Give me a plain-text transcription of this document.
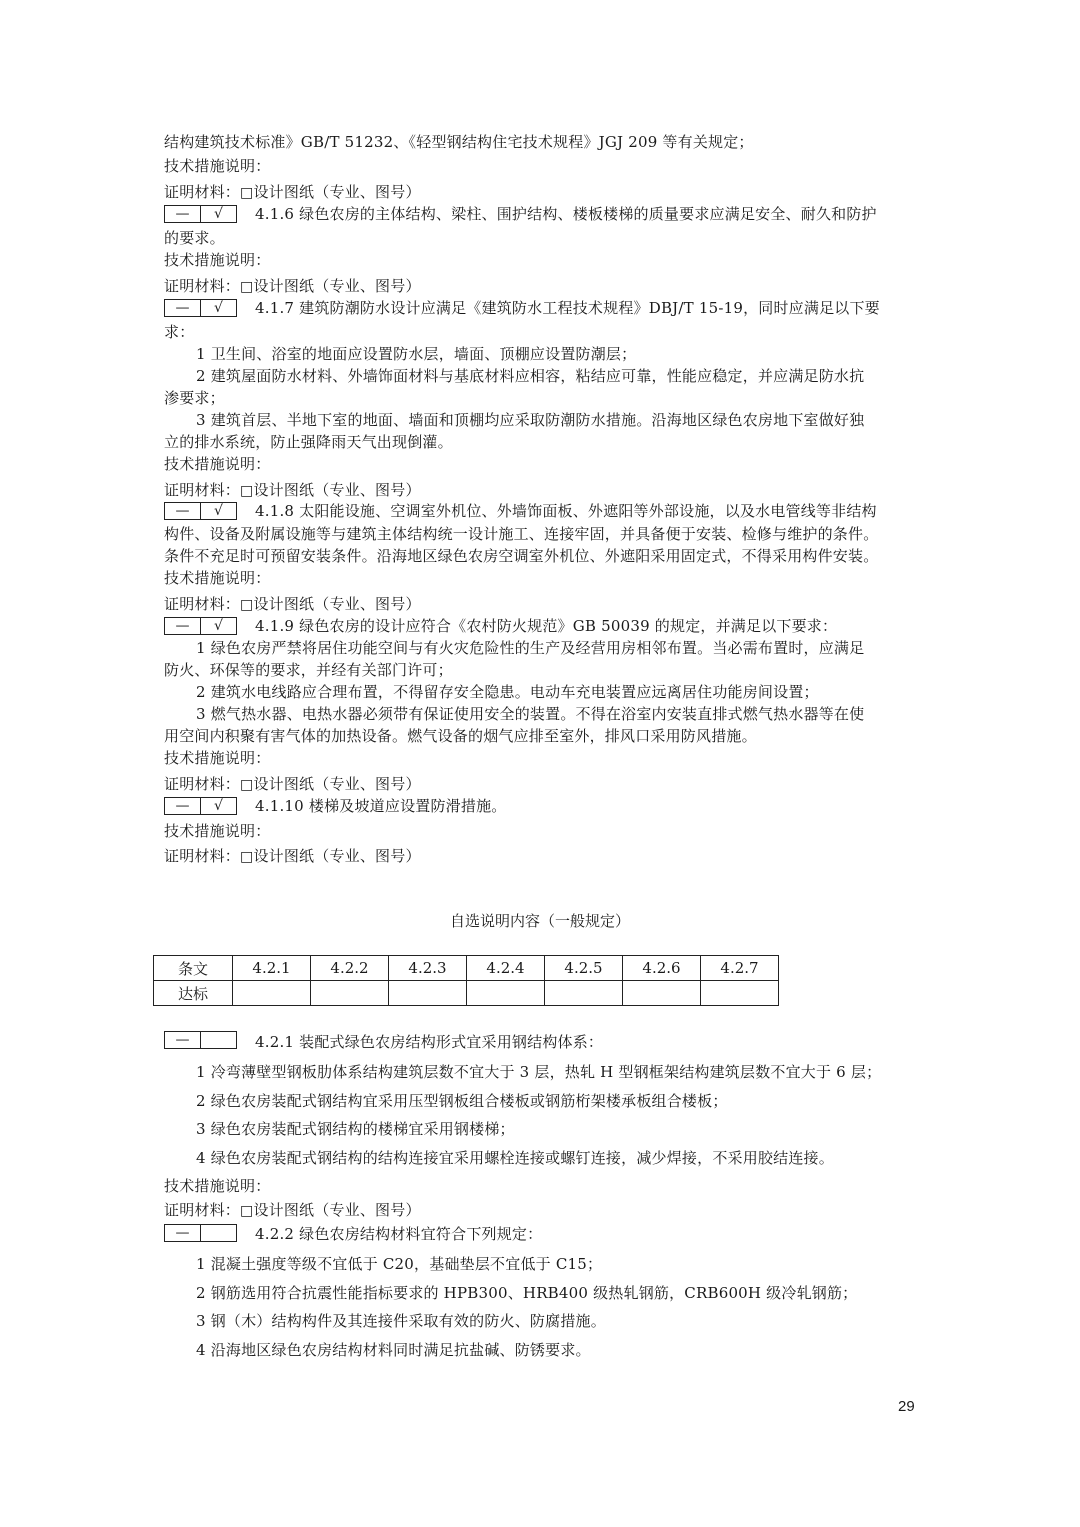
结构建筑技术标准》GB/T 51232、《轻型钢结构住宅技术规程》JGJ 209 等有关规定；
技术措施说明：
证明材料：□设计图纸（专业、图号）
—	√	4.1.6 绿色农房的主体结构、梁柱、围护结构、楼板楼梯的质量要求应满足安全、耐久和防护
的要求。
技术措施说明：
证明材料：□设计图纸（专业、图号）
—	√	4.1.7 建筑防潮防水设计应满足《建筑防水工程技术规程》DBJ/T 15-19，同时应满足以下要
求：
1 卫生间、浴室的地面应设置防水层，墙面、顶棚应设置防潮层；
2 建筑屋面防水材料、外墙饰面材料与基底材料应相容，粘结应可靠，性能应稳定，并应满足防水抗
渗要求；
3 建筑首层、半地下室的地面、墙面和顶棚均应采取防潮防水措施。沿海地区绿色农房地下室做好独
立的排水系统，防止强降雨天气出现倒灌。
技术措施说明：
证明材料：□设计图纸（专业、图号）
—	√	4.1.8 太阳能设施、空调室外机位、外墙饰面板、外遮阳等外部设施，以及水电管线等非结构
构件、设备及附属设施等与建筑主体结构统一设计施工、连接牢固，并具备便于安装、检修与维护的条件。
条件不充足时可预留安装条件。沿海地区绿色农房空调室外机位、外遮阳采用固定式，不得采用构件安装。
技术措施说明：
证明材料：□设计图纸（专业、图号）
—	√	4.1.9 绿色农房的设计应符合《农村防火规范》GB 50039 的规定，并满足以下要求：
1 绿色农房严禁将居住功能空间与有火灾危险性的生产及经营用房相邻布置。当必需布置时，应满足
防火、环保等的要求，并经有关部门许可；
2 建筑水电线路应合理布置，不得留存安全隐患。电动车充电装置应远离居住功能房间设置；
3 燃气热水器、电热水器必须带有保证使用安全的装置。不得在浴室内安装直排式燃气热水器等在使
用空间内积聚有害气体的加热设备。燃气设备的烟气应排至室外，排风口采用防风措施。
技术措施说明：
证明材料：□设计图纸（专业、图号）
—	√	4.1.10 楼梯及坡道应设置防滑措施。
技术措施说明：
证明材料：□设计图纸（专业、图号）
自选说明内容（一般规定）
条文	4.2.1	4.2.2	4.2.3	4.2.4	4.2.5	4.2.6	4.2.7
达标							
—	4.2.1 装配式绿色农房结构形式宜采用钢结构体系：
1 冷弯薄壁型钢板肋体系结构建筑层数不宜大于 3 层，热轧 H 型钢框架结构建筑层数不宜大于 6 层；
2 绿色农房装配式钢结构宜采用压型钢板组合楼板或钢筋桁架楼承板组合楼板；
3 绿色农房装配式钢结构的楼梯宜采用钢楼梯；
4 绿色农房装配式钢结构的结构连接宜采用螺栓连接或螺钉连接，减少焊接，不采用胶结连接。
技术措施说明：
证明材料：□设计图纸（专业、图号）
—	4.2.2 绿色农房结构材料宜符合下列规定：
1 混凝土强度等级不宜低于 C20，基础垫层不宜低于 C15；
2 钢筋选用符合抗震性能指标要求的 HPB300、HRB400 级热轧钢筋，CRB600H 级冷轧钢筋；
3 钢（木）结构构件及其连接件采取有效的防火、防腐措施。
4 沿海地区绿色农房结构材料同时满足抗盐碱、防锈要求。
29
